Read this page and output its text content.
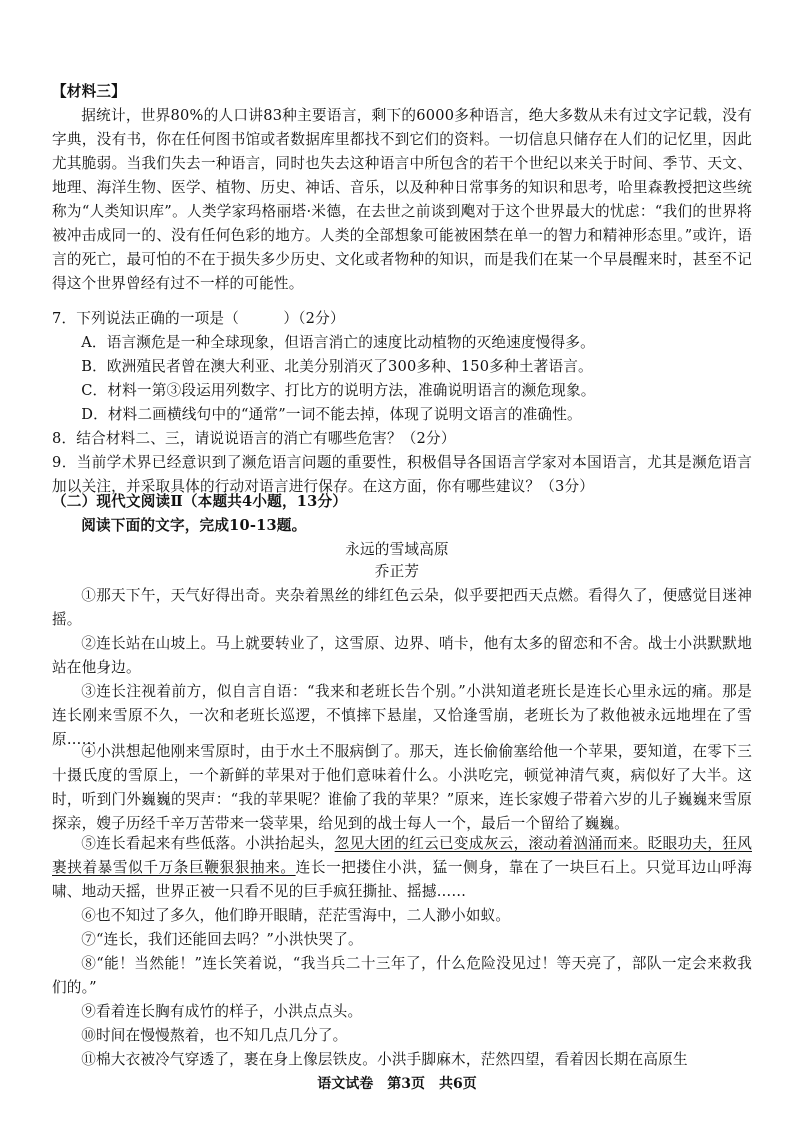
【材料三】
据统计，世界80%的人口讲83种主要语言，剩下的6000多种语言，绝大多数从未有过文字记载，没有字典，没有书，你在任何图书馆或者数据库里都找不到它们的资料。一切信息只储存在人们的记忆里，因此尤其脆弱。当我们失去一种语言，同时也失去这种语言中所包含的若干个世纪以来关于时间、季节、天文、地理、海洋生物、医学、植物、历史、神话、音乐，以及种种日常事务的知识和思考，哈里森教授把这些统称为“人类知识库”。人类学家玛格丽塔·米德，在去世之前谈到飑对于这个世界最大的忧虑：“我们的世界将被冲击成同一的、没有任何色彩的地方。人类的全部想象可能被困禁在单一的智力和精神形态里。”或许，语言的死亡，最可怕的不在于损失多少历史、文化或者物种的知识，而是我们在某一个早晨醒来时，甚至不记得这个世界曾经有过不一样的可能性。
7．下列说法正确的一项是（　　　）（2分）
A．语言濒危是一种全球现象，但语言消亡的速度比动植物的灭绝速度慢得多。
B．欧洲殖民者曾在澳大利亚、北美分别消灭了300多种、150多种土著语言。
C．材料一第③段运用列数字、打比方的说明方法，准确说明语言的濒危现象。
D．材料二画横线句中的“通常”一词不能去掉，体现了说明文语言的准确性。
8．结合材料二、三，请说说语言的消亡有哪些危害？（2分）
9．当前学术界已经意识到了濒危语言问题的重要性，积极倡导各国语言学家对本国语言，尤其是濒危语言加以关注，并采取具体的行动对语言进行保存。在这方面，你有哪些建议？（3分）
（二）现代文阅读Ⅱ（本题共4小题，13分）
阅读下面的文字，完成10-13题。
永远的雪域高原
乔正芳
①那天下午，天气好得出奇。夹杂着黑丝的绯红色云朵，似乎要把西天点燃。看得久了，便感觉目迷神摇。
②连长站在山坡上。马上就要转业了，这雪原、边界、哨卡，他有太多的留恋和不舍。战士小洪默默地站在他身边。
③连长注视着前方，似自言自语：“我来和老班长告个别。”小洪知道老班长是连长心里永远的痛。那是连长刚来雪原不久，一次和老班长巡逻，不慎摔下悬崖，又恰逢雪崩，老班长为了救他被永远地埋在了雪原……
④小洪想起他刚来雪原时，由于水土不服病倒了。那天，连长偷偷塞给他一个苹果，要知道，在零下三十摄氏度的雪原上，一个新鲜的苹果对于他们意味着什么。小洪吃完，顿觉神清气爽，病似好了大半。这时，听到门外巍巍的哭声：“我的苹果呢？谁偷了我的苹果？”原来，连长家嫂子带着六岁的儿子巍巍来雪原探亲，嫂子历经千辛万苦带来一袋苹果，给见到的战士每人一个，最后一个留给了巍巍。
⑤连长看起来有些低落。小洪抬起头，忽见大团的红云已变成灰云，滚动着汹涌而来。眨眼功夫，狂风裹挟着暴雪似千万条巨鞭狠狠抽来。连长一把搂住小洪，猛一侧身，靠在了一块巨石上。只觉耳边山呼海啸、地动天摇，世界正被一只看不见的巨手疯狂撕扯、摇撼……
⑥也不知过了多久，他们睁开眼睛，茫茫雪海中，二人渺小如蚁。
⑦“连长，我们还能回去吗？”小洪快哭了。
⑧“能！当然能！”连长笑着说，“我当兵二十三年了，什么危险没见过！等天亮了，部队一定会来救我们的。”
⑨看着连长胸有成竹的样子，小洪点点头。
语文试卷　第3页　共6页
⑩时间在慢慢熬着，也不知几点几分了。
⑪棉大衣被冷气穿透了，裹在身上像层铁皮。小洪手脚麻木，茫然四望，看着因长期在高原生
